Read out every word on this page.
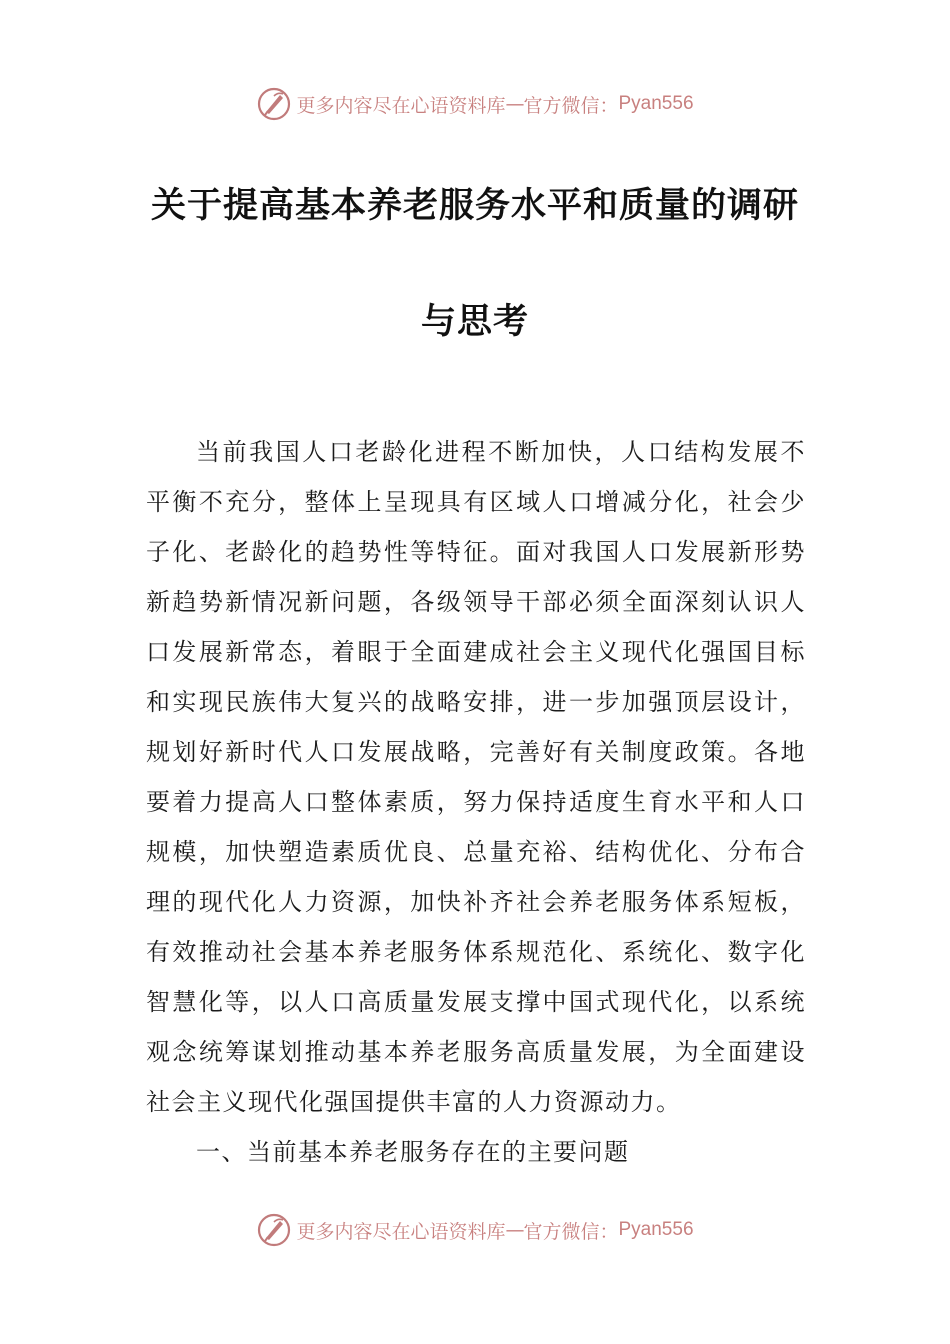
更多内容尽在心语资料库 — 官方微信： Pyan556
关于提高基本养老服务水平和质量的调研
与思考

当前我国人口老龄化进程不断加快，人口结构发展不平衡不充分，整体上呈现具有区域人口增减分化，社会少子化、老龄化的趋势性等特征。面对我国人口发展新形势新趋势新情况新问题，各级领导干部必须全面深刻认识人口发展新常态，着眼于全面建成社会主义现代化强国目标和实现民族伟大复兴的战略安排，进一步加强顶层设计，规划好新时代人口发展战略，完善好有关制度政策。各地要着力提高人口整体素质，努力保持适度生育水平和人口规模，加快塑造素质优良、总量充裕、结构优化、分布合理的现代化人力资源，加快补齐社会养老服务体系短板，有效推动社会基本养老服务体系规范化、系统化、数字化智慧化等，以人口高质量发展支撑中国式现代化，以系统观念统筹谋划推动基本养老服务高质量发展，为全面建设社会主义现代化强国提供丰富的人力资源动力。

一、当前基本养老服务存在的主要问题

更多内容尽在心语资料库 — 官方微信： Pyan556
